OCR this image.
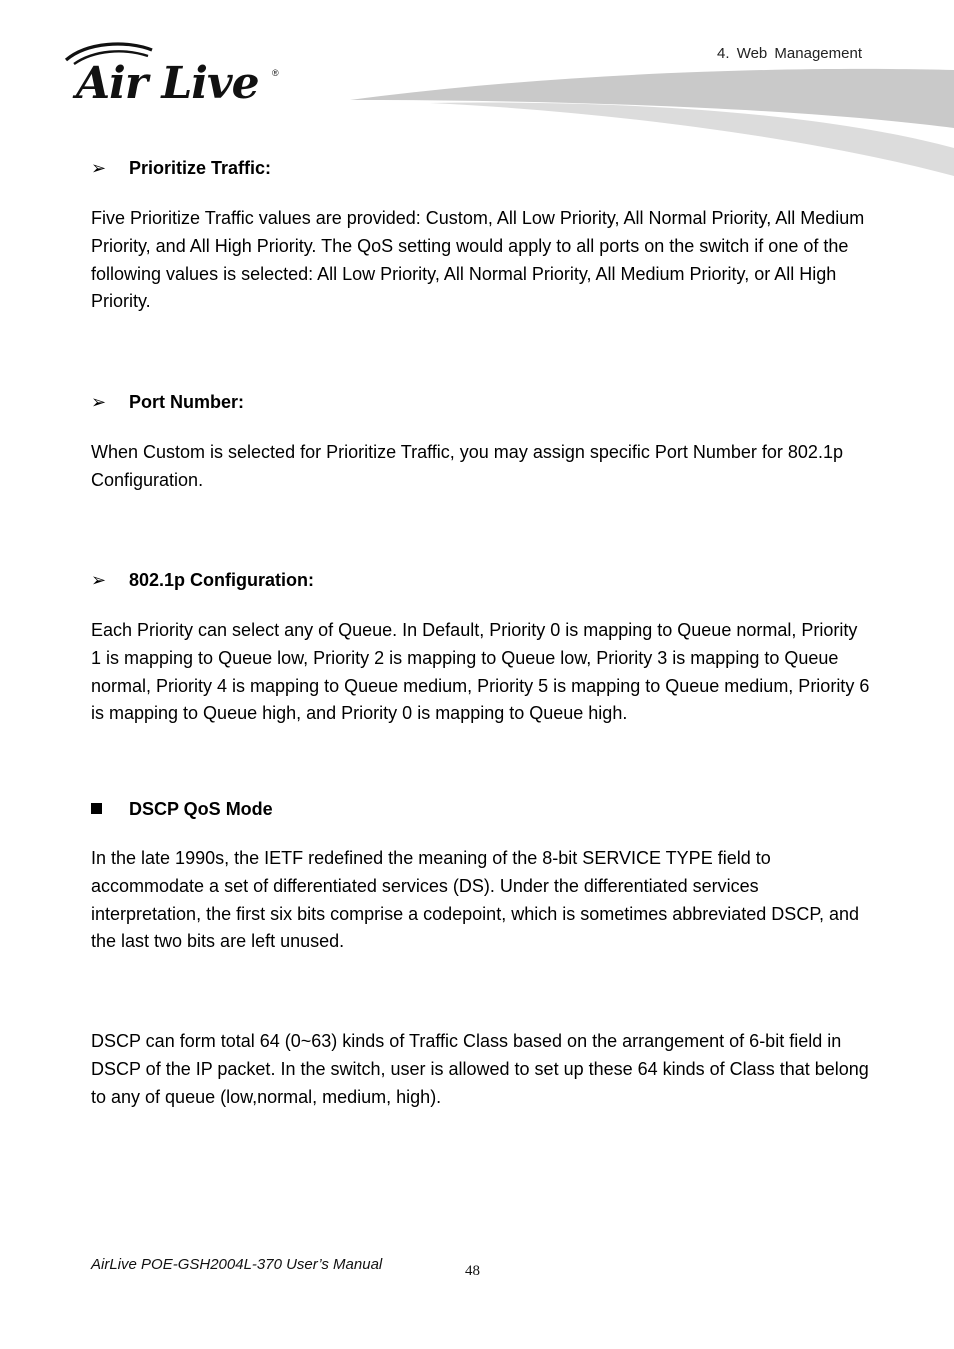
Air Live ®
4. Web Management
➢ Prioritize Traffic:

Five Prioritize Traffic values are provided: Custom, All Low Priority, All Normal Priority, All Medium Priority, and All High Priority. The QoS setting would apply to all ports on the switch if one of the following values is selected: All Low Priority, All Normal Priority, All Medium Priority, or All High Priority.

➢ Port Number:

When Custom is selected for Prioritize Traffic, you may assign specific Port Number for 802.1p Configuration.

➢ 802.1p Configuration:

Each Priority can select any of Queue. In Default, Priority 0 is mapping to Queue normal, Priority 1 is mapping to Queue low, Priority 2 is mapping to Queue low, Priority 3 is mapping to Queue normal, Priority 4 is mapping to Queue medium, Priority 5 is mapping to Queue medium, Priority 6 is mapping to Queue high, and Priority 0 is mapping to Queue high.

DSCP QoS Mode

In the late 1990s, the IETF redefined the meaning of the 8-bit SERVICE TYPE field to accommodate a set of differentiated services (DS). Under the differentiated services interpretation, the first six bits comprise a codepoint, which is sometimes abbreviated DSCP, and the last two bits are left unused.

DSCP can form total 64 (0~63) kinds of Traffic Class based on the arrangement of 6-bit field in DSCP of the IP packet. In the switch, user is allowed to set up these 64 kinds of Class that belong to any of queue (low,normal, medium, high).

AirLive POE-GSH2004L-370 User’s Manual	48
